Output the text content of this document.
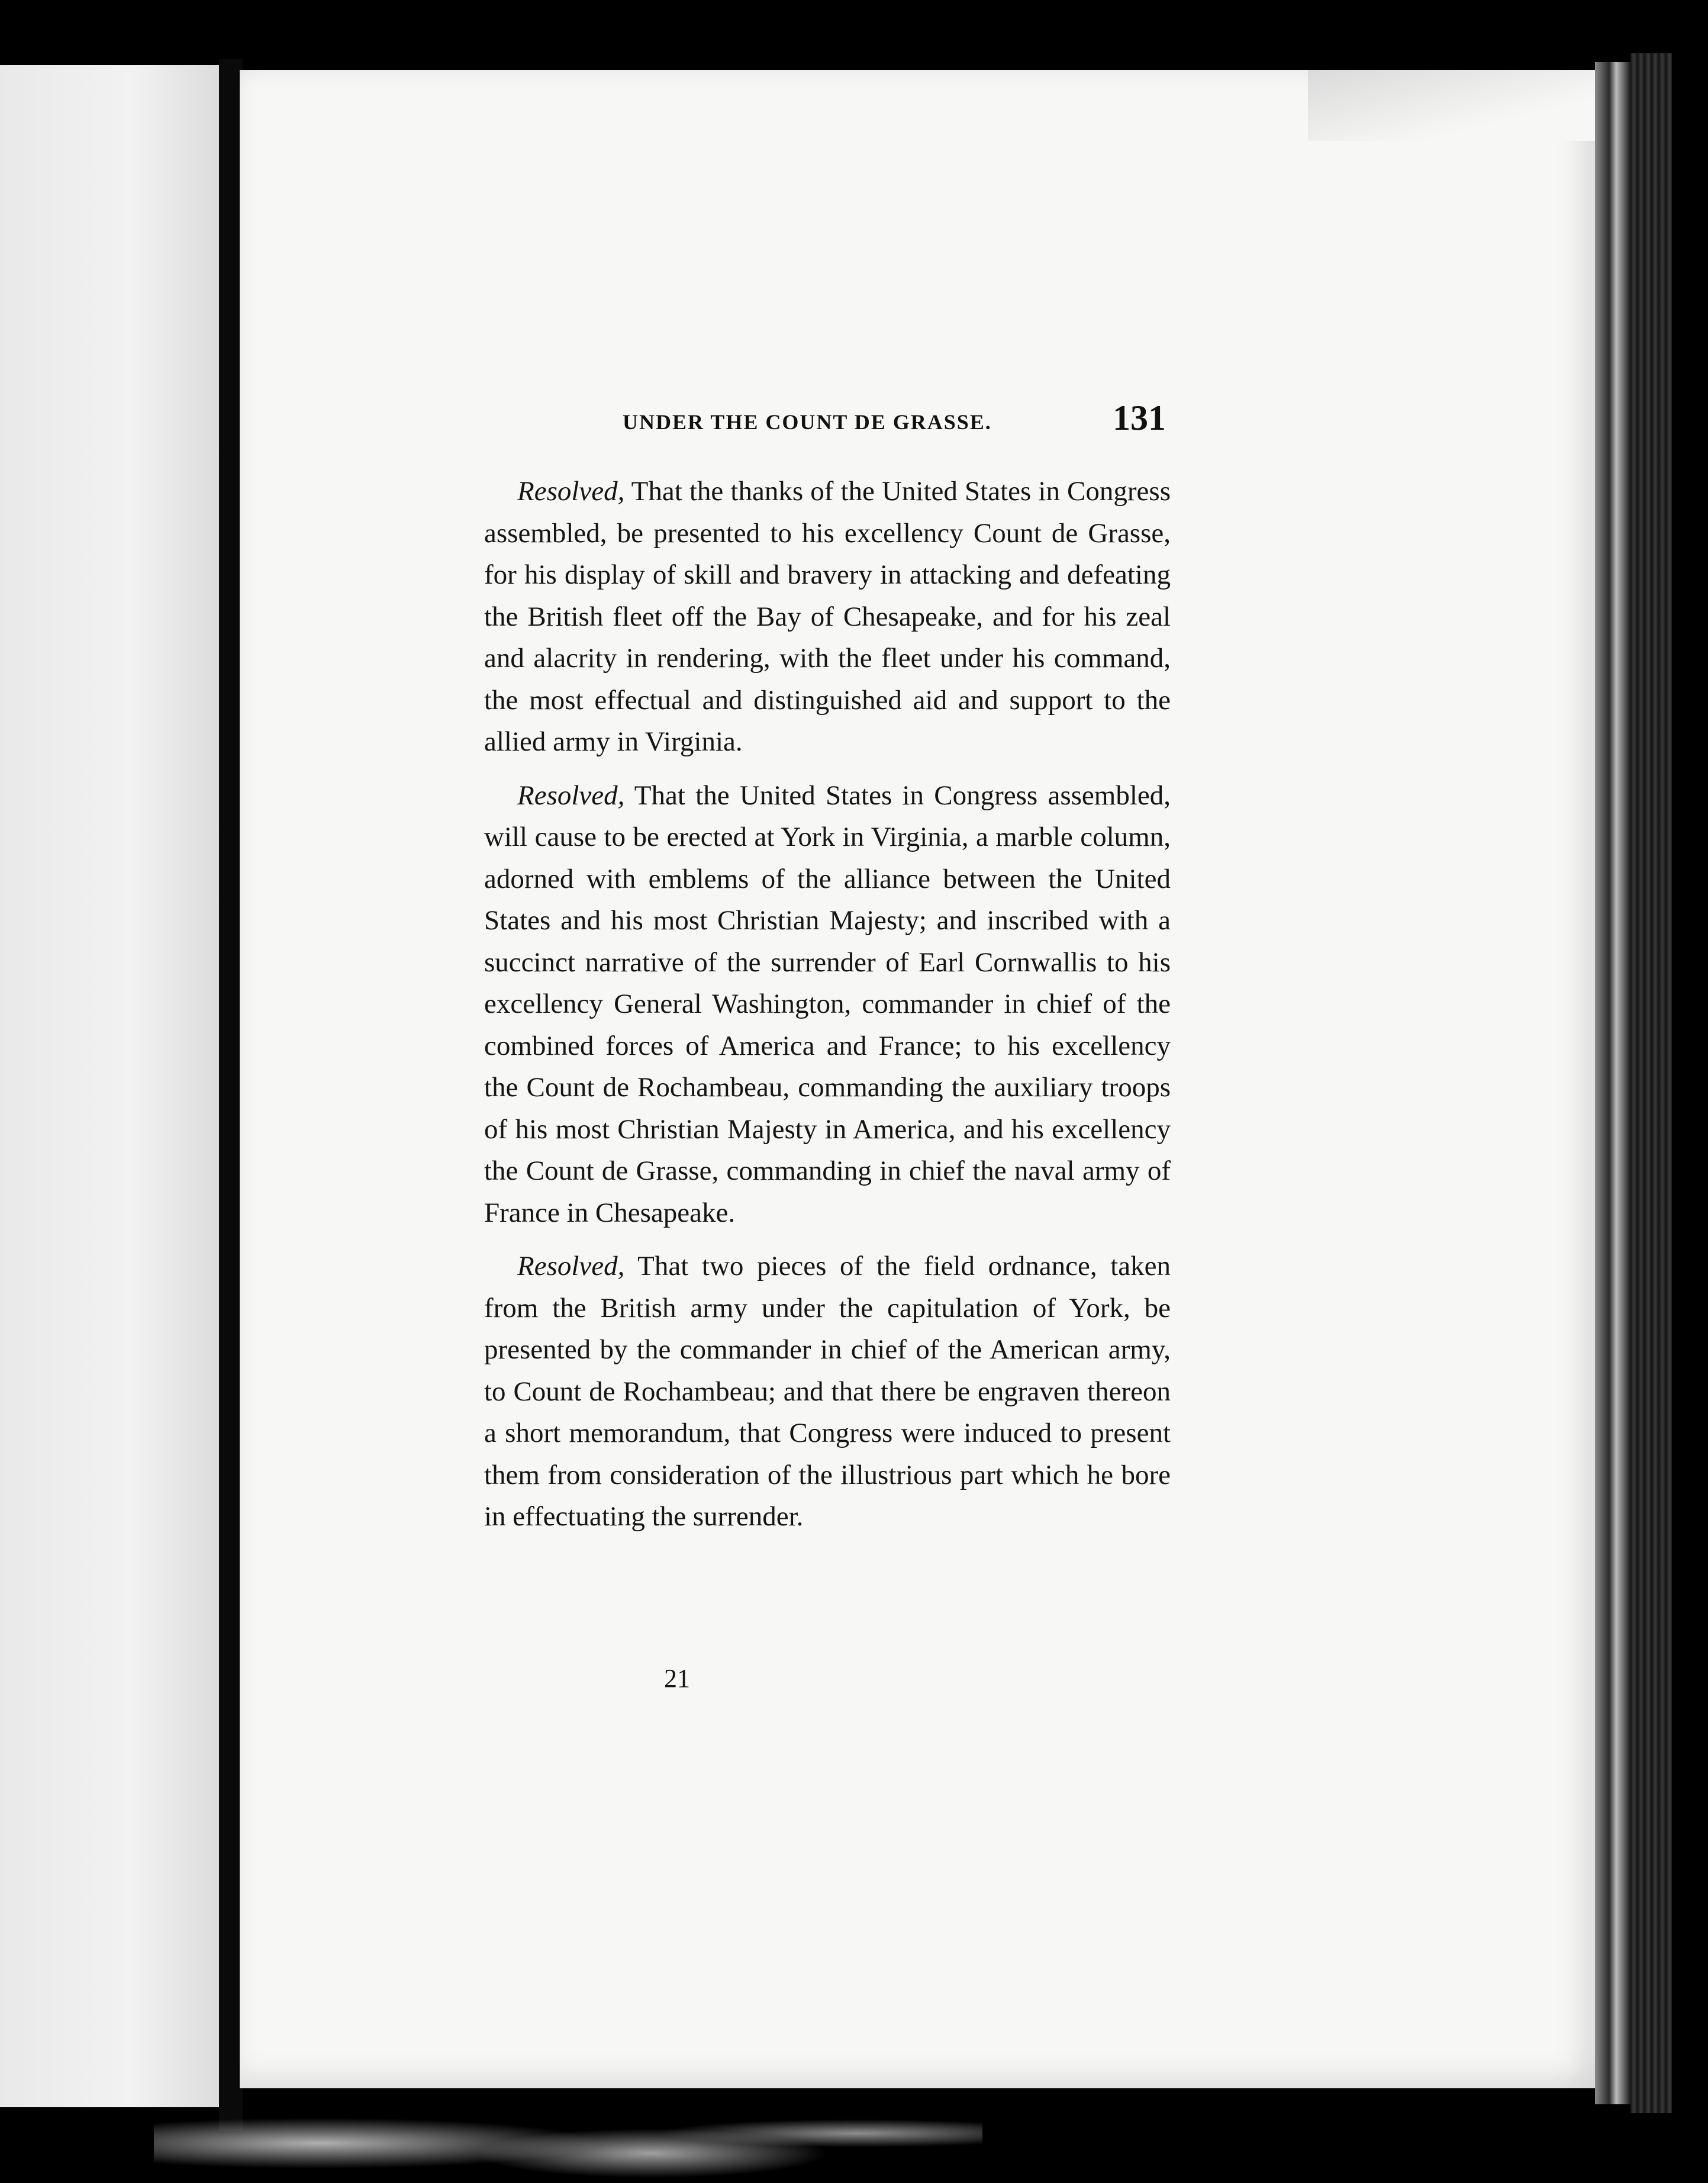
UNDER THE COUNT DE GRASSE.	131

Resolved, That the thanks of the United States in Congress assembled, be presented to his excellency Count de Grasse, for his display of skill and bravery in attacking and defeating the British fleet off the Bay of Chesapeake, and for his zeal and alacrity in rendering, with the fleet under his command, the most effectual and distinguished aid and support to the allied army in Virginia.

Resolved, That the United States in Congress assembled, will cause to be erected at York in Virginia, a marble column, adorned with emblems of the alliance between the United States and his most Christian Majesty; and inscribed with a succinct narrative of the surrender of Earl Cornwallis to his excellency General Washington, commander in chief of the combined forces of America and France; to his excellency the Count de Rochambeau, commanding the auxiliary troops of his most Christian Majesty in America, and his excellency the Count de Grasse, commanding in chief the naval army of France in Chesapeake.

Resolved, That two pieces of the field ordnance, taken from the British army under the capitulation of York, be presented by the commander in chief of the American army, to Count de Rochambeau; and that there be engraven thereon a short memorandum, that Congress were induced to present them from consideration of the illustrious part which he bore in effectuating the surrender.

21
